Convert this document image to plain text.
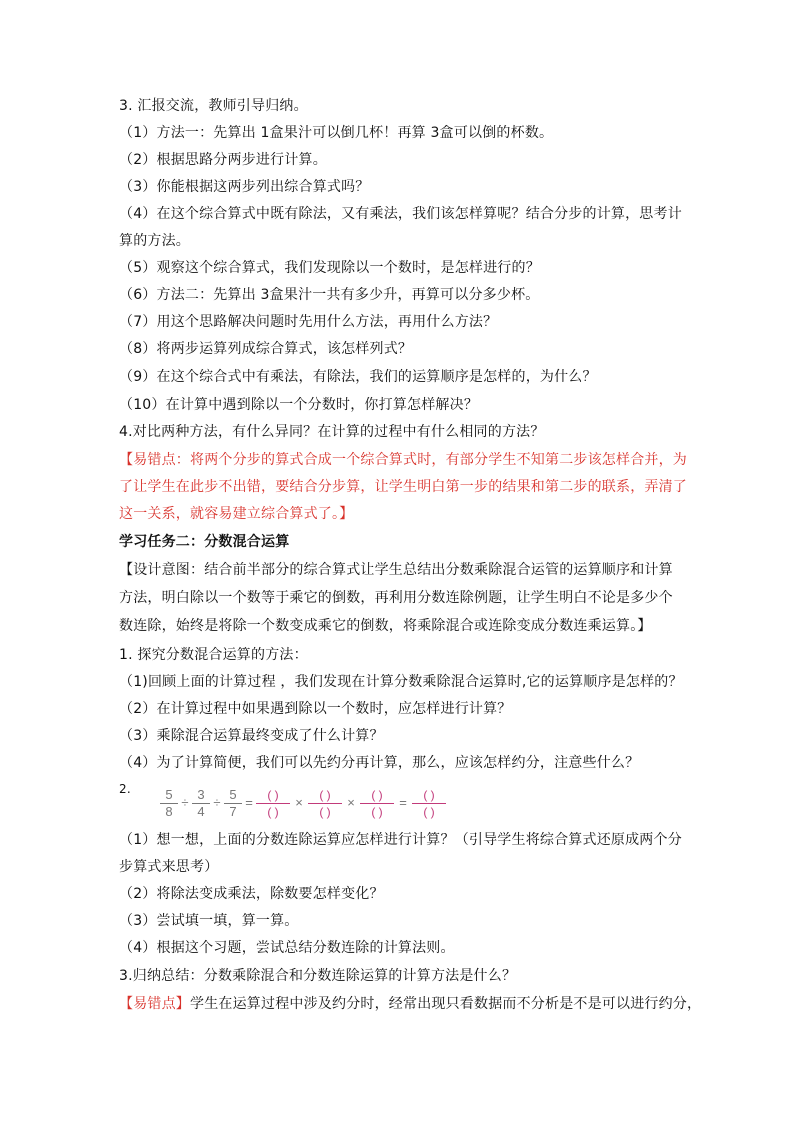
3. 汇报交流，教师引导归纳。
（1）方法一：先算出 1盒果汁可以倒几杯！再算 3盒可以倒的杯数。
（2）根据思路分两步进行计算。
（3）你能根据这两步列出综合算式吗？
（4）在这个综合算式中既有除法，又有乘法，我们该怎样算呢？结合分步的计算，思考计
算的方法。
（5）观察这个综合算式，我们发现除以一个数时，是怎样进行的？
（6）方法二：先算出 3盒果汁一共有多少升，再算可以分多少杯。
（7）用这个思路解决问题时先用什么方法，再用什么方法？
（8）将两步运算列成综合算式，该怎样列式？
（9）在这个综合式中有乘法，有除法，我们的运算顺序是怎样的，为什么？
（10）在计算中遇到除以一个分数时，你打算怎样解决？
4.对比两种方法，有什么异同？在计算的过程中有什么相同的方法？
【易错点：将两个分步的算式合成一个综合算式时，有部分学生不知第二步该怎样合并，为
了让学生在此步不出错，要结合分步算，让学生明白第一步的结果和第二步的联系，弄清了
这一关系，就容易建立综合算式了。】
学习任务二：分数混合运算
【设计意图：结合前半部分的综合算式让学生总结出分数乘除混合运管的运算顺序和计算
方法，明白除以一个数等于乘它的倒数，再利用分数连除例题，让学生明白不论是多少个
数连除，始终是将除一个数变成乘它的倒数，将乘除混合或连除变成分数连乘运算。】
1. 探究分数混合运算的方法：
（1)回顾上面的计算过程 ，我们发现在计算分数乘除混合运算时,它的运算顺序是怎样的？
（2）在计算过程中如果遇到除以一个数时，应怎样进行计算？
（3）乘除混合运算最终变成了什么计算？
（4）为了计算简便，我们可以先约分再计算，那么，应该怎样约分，注意些什么？
2.	5
8
÷
3
4
÷
5
7
=	( )
( )
×	( )
( )
×	( )
( )
=	( )
( )
（1）想一想，上面的分数连除运算应怎样进行计算？（引导学生将综合算式还原成两个分
步算式来思考）
（2）将除法变成乘法，除数要怎样变化？
（3）尝试填一填，算一算。
（4）根据这个习题，尝试总结分数连除的计算法则。
3.归纳总结：分数乘除混合和分数连除运算的计算方法是什么？
【易错点】学生在运算过程中涉及约分时，经常出现只看数据而不分析是不是可以进行约分，
